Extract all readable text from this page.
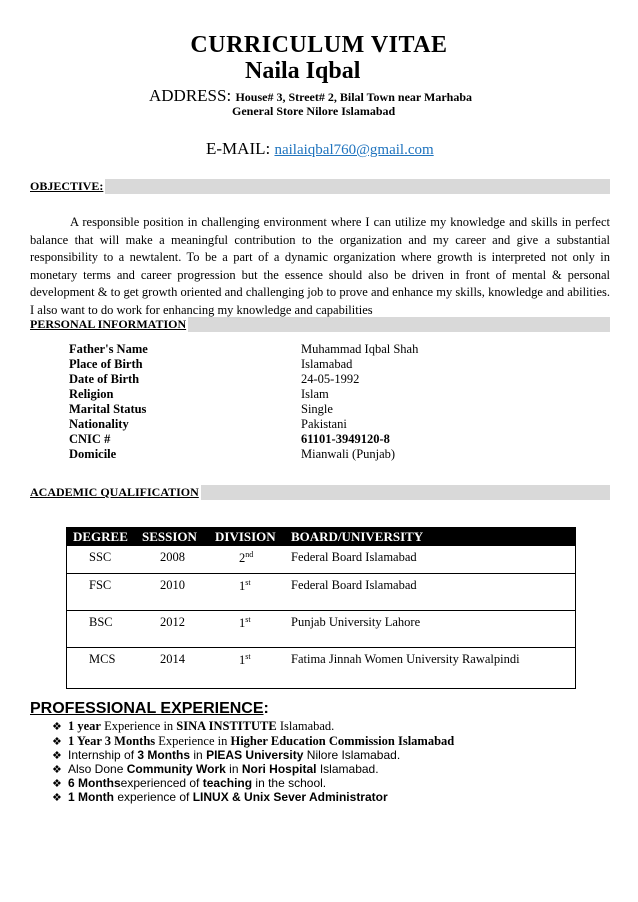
CURRICULUM VITAE
Naila Iqbal
ADDRESS: House# 3, Street# 2, Bilal Town near Marhaba
General Store Nilore Islamabad
E-MAIL: nailaiqbal760@gmail.com
OBJECTIVE:
A responsible position in challenging environment where I can utilize my knowledge and skills in perfect balance that will make a meaningful contribution to the organization and my career and give a substantial responsibility to a newtalent. To be a part of a dynamic organization where growth is interpreted not only in monetary terms and career progression but the essence should also be driven in front of mental & personal development & to get growth oriented and challenging job to prove and enhance my skills, knowledge and abilities. I also want to do work for enhancing my knowledge and capabilities
PERSONAL INFORMATION
Father's Name	Muhammad Iqbal Shah
Place of Birth	Islamabad
Date of Birth	24-05-1992
Religion	Islam
Marital Status	Single
Nationality	Pakistani
CNIC #	61101-3949120-8
Domicile	Mianwali (Punjab)
ACADEMIC QUALIFICATION
DEGREE SESSION DIVISION BOARD/UNIVERSITY
SSC	2008	2nd	Federal Board Islamabad
FSC	2010	1st	Federal Board Islamabad
BSC	2012	1st	Punjab University Lahore
MCS	2014	1st	Fatima Jinnah Women University Rawalpindi
PROFESSIONAL EXPERIENCE:
❖ 1 year Experience in SINA INSTITUTE Islamabad.
❖ 1 Year 3 Months Experience in Higher Education Commission Islamabad
❖ Internship of 3 Months in PIEAS University Nilore Islamabad.
❖ Also Done Community Work in Nori Hospital Islamabad.
❖ 6 Monthsexperienced of teaching in the school.
❖ 1 Month experience of LINUX & Unix Sever Administrator
